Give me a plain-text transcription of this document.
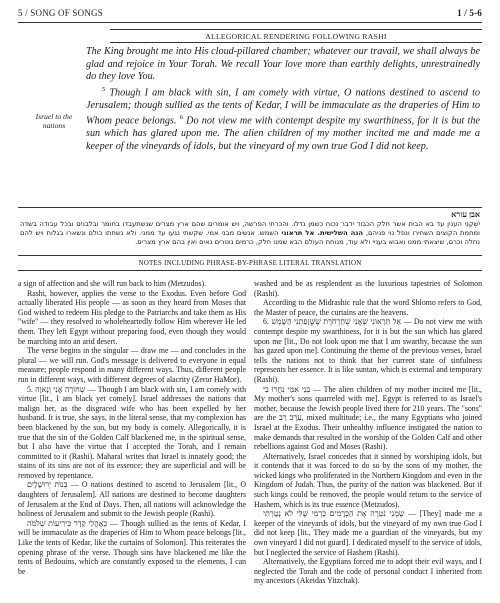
5 / SONG OF SONGS	1 / 5-6
ALLEGORICAL RENDERING FOLLOWING RASHI

The King brought me into His cloud-pillared chamber; whatever our travail, we shall always be glad and rejoice in Your Torah. We recall Your love more than earthly delights, unrestrainedly do they love You.

$^5$ Though I am black with sin, I am comely with virtue, O nations destined to ascend to Jerusalem; though sullied as the tents of Kedar, I will be immaculate as the draperies of Him to Whom peace belongs. $^6$ Do not view me with contempt despite my swarthiness, for it is but the sun which has glared upon me. The alien children of my mother incited me and made me a keeper of the vineyards of idols, but the vineyard of my own true God I did not keep.

Israel to the nations
אבן עזרא
יֹשְׁקֵנִי הענין עד בא הבית אשר חלק הכבוד ידבר נכוח כשמן גדלו. והכרתי הפרשה, ויש אומרים שהם ארץ מצרים שנשתעבדו בחומר ובלבנים ובכל עבודה בשדה ומחמת הקוצים השחירו ונפל נוי פניהם, הנה השלישית. אל תראוני השמש. אנשים מבני אמי. שקשתי נגעו עד ממני. ולא נשחתו כולם ונשארו בגלות ויש להם נחלה וכרם, שיצאתי ממנו ואבוא בעניי ולא עוד, מנוחת העולם הבא שמנו חלק, כרמים נוטרים נאים ואין בהם ארץ מצרים.
NOTES INCLUDING PHRASE-BY-PHRASE LITERAL TRANSLATION

a sign of affection and she will run back to him (Metzudos).

Rashi, however, applies the verse to the Exodus. Even before God actually liberated His people — as soon as they heard from Moses that God wished to redeem His pledge to the Patriarchs and take them as His "wife" — they resolved to wholeheartedly follow Him wherever He led them. They left Egypt without preparing food, even though they would be marching into an arid desert.

The verse begins in the singular — draw me — and concludes in the plural — we will run. God's message is delivered to everyone in equal measure; people respond in many different ways. Thus, different people run in different ways, with different degrees of alacrity (Zeror HaMor).

5. שְׁחוֹרָה אֲנִי וְנָאוָה — Though I am black with sin, I am comely with virtue [lit., I am black yet comely]. Israel addresses the nations that malign her, as the disgraced wife who has been expelled by her husband. It is true, she says, in the literal sense, that my complexion has been blackened by the sun, but my body is comely. Allegorically, it is true that the sin of the Golden Calf blackened me, in the spiritual sense, but I also have the virtue that I accepted the Torah, and I remain committed to it (Rashi). Maharal writes that Israel is innately good; the stains of its sins are not of its essence; they are superficial and will be removed by repentance.

בְּנוֹת יְרוּשָׁלָיִם — O nations destined to ascend to Jerusalem [lit., O daughters of Jerusalem]. All nations are destined to become daughters of Jerusalem at the End of Days. Then, all nations will acknowledge the holiness of Jerusalem and submit to the Jewish people (Rashi).

כְּאָהֳלֵי קֵדָר כִּירִיעוֹת שְׁלֹמֹה — Though sullied as the tents of Kedar, I will be immaculate as the draperies of Him to Whom peace belongs [lit., Like the tents of Kedar, like the curtains of Solomon]. This reiterates the opening phrase of the verse. Though sins have blackened me like the tents of Bedouins, which are constantly exposed to the elements, I can be

washed and be as resplendent as the luxurious tapestries of Solomon (Rashi).

According to the Midrashic rule that the word Shlomo refers to God, the Master of peace, the curtains are the heavens.

6. אַל תִּרְאוּנִי שֶׁאֲנִי שְׁחַרְחֹרֶת שֶׁשֱּׁזָפַתְנִי הַשָּׁמֶשׁ — Do not view me with contempt despite my swarthiness, for it is but the sun which has glared upon me [lit., Do not look upon me that I am swarthy, because the sun has gazed upon me]. Continuing the theme of the previous verses, Israel tells the nations not to think that her current state of sinfulness represents her essence. It is like suntan, which is external and temporary (Rashi).

בְּנֵי אִמִּי נִחֲרוּ בִי — The alien children of my mother incited me [lit., My mother's sons quarreled with me]. Egypt is referred to as Israel's mother, because the Jewish people lived there for 210 years. The "sons" are the עֵרֶב רַב, mixed multitude; i.e., the many Egyptians who joined Israel at the Exodus. Their unhealthy influence instigated the nation to make demands that resulted in the worship of the Golden Calf and other rebellions against God and Moses (Rashi).

Alternatively, Israel concedes that it sinned by worshiping idols, but it contends that it was forced to do so by the sons of my mother, the wicked kings who proliferated in the Northern Kingdom and even in the Kingdom of Judah. Thus, the purity of the nation was blackened. But if such kings could be removed, the people would return to the service of Hashem, which is its true essence (Metzudos).

שָׂמֻנִי נֹטֵרָה אֶת הַכְּרָמִים כַּרְמִי שֶׁלִּי לֹא נָטָרְתִּי — [They] made me a keeper of the vineyards of idols, but the vineyard of my own true God I did not keep [lit., They made me a guardian of the vineyards, but my own vineyard I did not guard]. I dedicated myself to the service of idols, but I neglected the service of Hashem (Rashi).

Alternatively, the Egyptians forced me to adopt their evil ways, and I neglected the Torah and the code of personal conduct I inherited from my ancestors (Akeidas Yitzchak).
